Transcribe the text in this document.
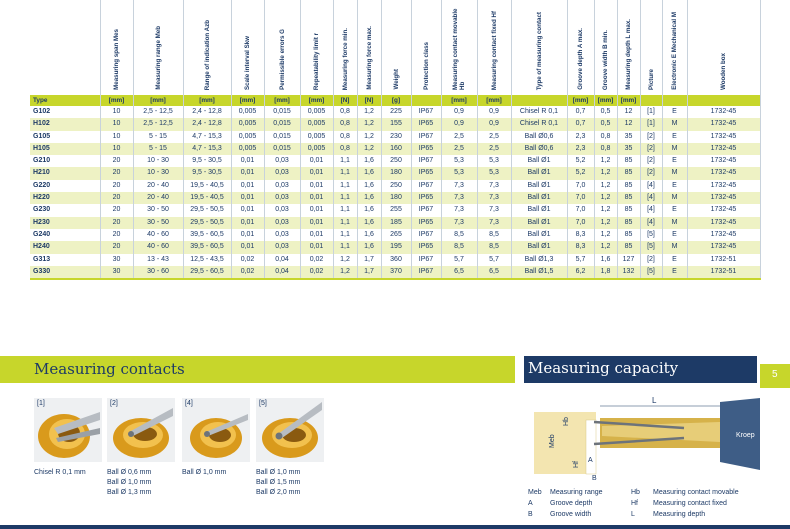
	Measuring span Mes	Measuring range Meb	Range of indication Azb	Scale interval Skw	Permissible errors G	Repeatability limit r	Measuring force min.	Measuring force max.	Weight	Protection class	Measuring contact movable Hb	Measuring contact fixed Hf	Type of measuring contact	Groove depth A max.	Groove width B min.	Measuring depth L max.	Picture	Electronic E Mechanical M	Wooden box
Type	[mm]	[mm]	[mm]	[mm]	[mm]	[mm]	[N]	[N]	[g]		[mm]	[mm]		[mm]	[mm]	[mm]			
G102	10	2,5 - 12,5	2,4 - 12,8	0,005	0,015	0,005	0,8	1,2	225	IP67	0,9	0,9	Chisel R 0,1	0,7	0,5	12	[1]	E	1732-45
H102	10	2,5 - 12,5	2,4 - 12,8	0,005	0,015	0,005	0,8	1,2	155	IP65	0,9	0,9	Chisel R 0,1	0,7	0,5	12	[1]	M	1732-45
G105	10	5 - 15	4,7 - 15,3	0,005	0,015	0,005	0,8	1,2	230	IP67	2,5	2,5	Ball Ø0,6	2,3	0,8	35	[2]	E	1732-45
H105	10	5 - 15	4,7 - 15,3	0,005	0,015	0,005	0,8	1,2	160	IP65	2,5	2,5	Ball Ø0,6	2,3	0,8	35	[2]	M	1732-45
G210	20	10 - 30	9,5 - 30,5	0,01	0,03	0,01	1,1	1,6	250	IP67	5,3	5,3	Ball Ø1	5,2	1,2	85	[2]	E	1732-45
H210	20	10 - 30	9,5 - 30,5	0,01	0,03	0,01	1,1	1,6	180	IP65	5,3	5,3	Ball Ø1	5,2	1,2	85	[2]	M	1732-45
G220	20	20 - 40	19,5 - 40,5	0,01	0,03	0,01	1,1	1,6	250	IP67	7,3	7,3	Ball Ø1	7,0	1,2	85	[4]	E	1732-45
H220	20	20 - 40	19,5 - 40,5	0,01	0,03	0,01	1,1	1,6	180	IP65	7,3	7,3	Ball Ø1	7,0	1,2	85	[4]	M	1732-45
G230	20	30 - 50	29,5 - 50,5	0,01	0,03	0,01	1,1	1,6	255	IP67	7,3	7,3	Ball Ø1	7,0	1,2	85	[4]	E	1732-45
H230	20	30 - 50	29,5 - 50,5	0,01	0,03	0,01	1,1	1,6	185	IP65	7,3	7,3	Ball Ø1	7,0	1,2	85	[4]	M	1732-45
G240	20	40 - 60	39,5 - 60,5	0,01	0,03	0,01	1,1	1,6	265	IP67	8,5	8,5	Ball Ø1	8,3	1,2	85	[5]	E	1732-45
H240	20	40 - 60	39,5 - 60,5	0,01	0,03	0,01	1,1	1,6	195	IP65	8,5	8,5	Ball Ø1	8,3	1,2	85	[5]	M	1732-45
G313	30	13 - 43	12,5 - 43,5	0,02	0,04	0,02	1,2	1,7	360	IP67	5,7	5,7	Ball Ø1,3	5,7	1,6	127	[2]	E	1732-51
G330	30	30 - 60	29,5 - 60,5	0,02	0,04	0,02	1,2	1,7	370	IP67	6,5	6,5	Ball Ø1,5	6,2	1,8	132	[5]	E	1732-51
Measuring contacts	Measuring capacity	5
[1]	[2]	[4]	[5]
Chisel R 0,1 mm	Ball Ø 0,6 mm
Ball Ø 1,0 mm
Ball Ø 1,3 mm
Ball Ø 1,0 mm	Ball Ø 1,0 mm
Ball Ø 1,5 mm
Ball Ø 2,0 mm
Kroep
L
Hb
Meb
Hf
A
B
Meb Measuring range
A Groove depth
B Groove width
Hb Measuring contact movable
Hf Measuring contact fixed
L	Measuring depth
